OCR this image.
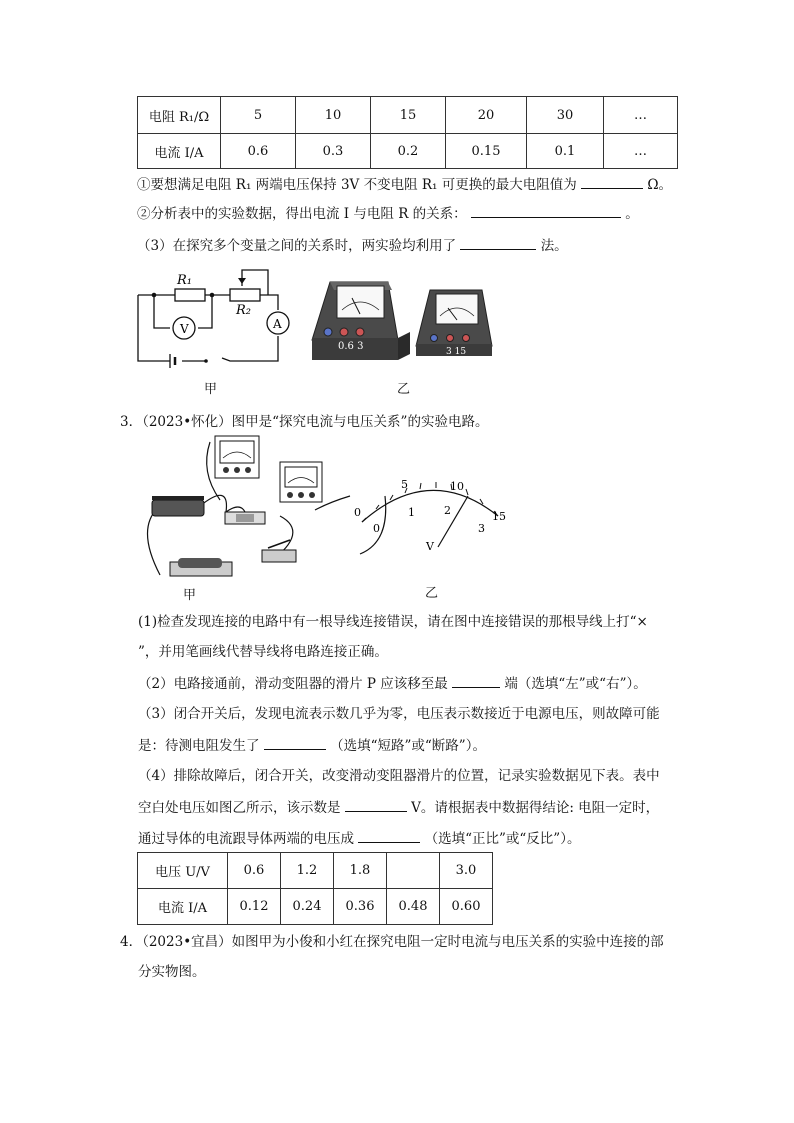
电阻 R₁/Ω	5	10	15	20	30	…
电流 I/A	0.6	0.3	0.2	0.15	0.1	…
①要想满足电阻 R₁ 两端电压保持 3V 不变电阻 R₁ 可更换的最大电阻值为	Ω。
②分析表中的实验数据，得出电流 I 与电阻 R 的关系：	。
（3）在探究多个变量之间的关系时，两实验均利用了	法。
R₁
R₂
V	A
0.6 3	3 15
甲	乙
3．（2023•怀化）图甲是“探究电流与电压关系”的实验电路。
0
5	10
15
0
1	2
3
V
甲	乙
(1)检查发现连接的电路中有一根导线连接错误，请在图中连接错误的那根导线上打“×
”，并用笔画线代替导线将电路连接正确。
（2）电路接通前，滑动变阻器的滑片 P 应该移至最	端（选填“左”或“右”）。
（3）闭合开关后，发现电流表示数几乎为零，电压表示数接近于电源电压，则故障可能
是：待测电阻发生了	（选填“短路”或“断路”）。
（4）排除故障后，闭合开关，改变滑动变阻器滑片的位置，记录实验数据见下表。表中
空白处电压如图乙所示，该示数是	V。请根据表中数据得结论: 电阻一定时，
通过导体的电流跟导体两端的电压成	（选填“正比”或“反比”）。
电压 U/V	0.6	1.2	1.8		3.0
电流 I/A	0.12	0.24	0.36	0.48	0.60
4．（2023•宜昌）如图甲为小俊和小红在探究电阻一定时电流与电压关系的实验中连接的部
分实物图。
